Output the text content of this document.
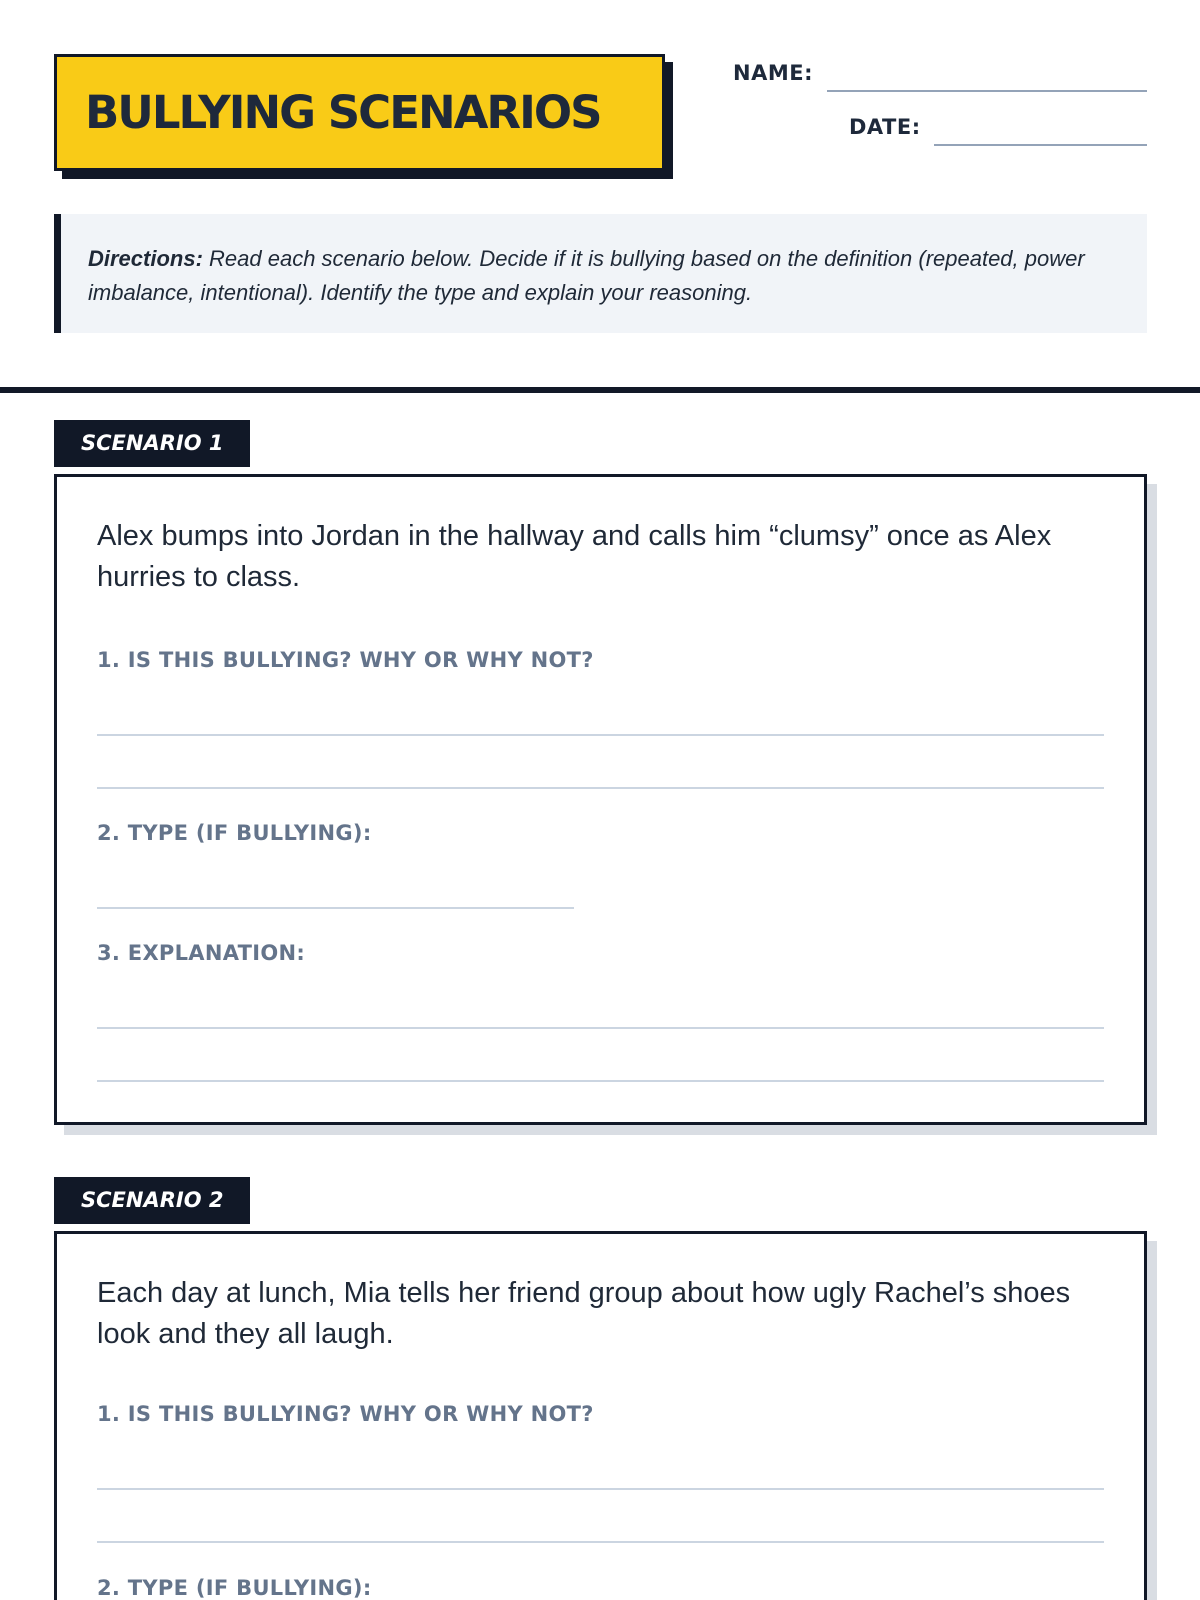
BULLYING SCENARIOS
NAME:
DATE:
Directions: Read each scenario below. Decide if it is bullying based on the definition (repeated, power imbalance, intentional). Identify the type and explain your reasoning.
SCENARIO 1
Alex bumps into Jordan in the hallway and calls him “clumsy” once as Alex hurries to class.
1. IS THIS BULLYING? WHY OR WHY NOT?
2. TYPE (IF BULLYING):
3. EXPLANATION:
SCENARIO 2
Each day at lunch, Mia tells her friend group about how ugly Rachel’s shoes look and they all laugh.
1. IS THIS BULLYING? WHY OR WHY NOT?
2. TYPE (IF BULLYING):
